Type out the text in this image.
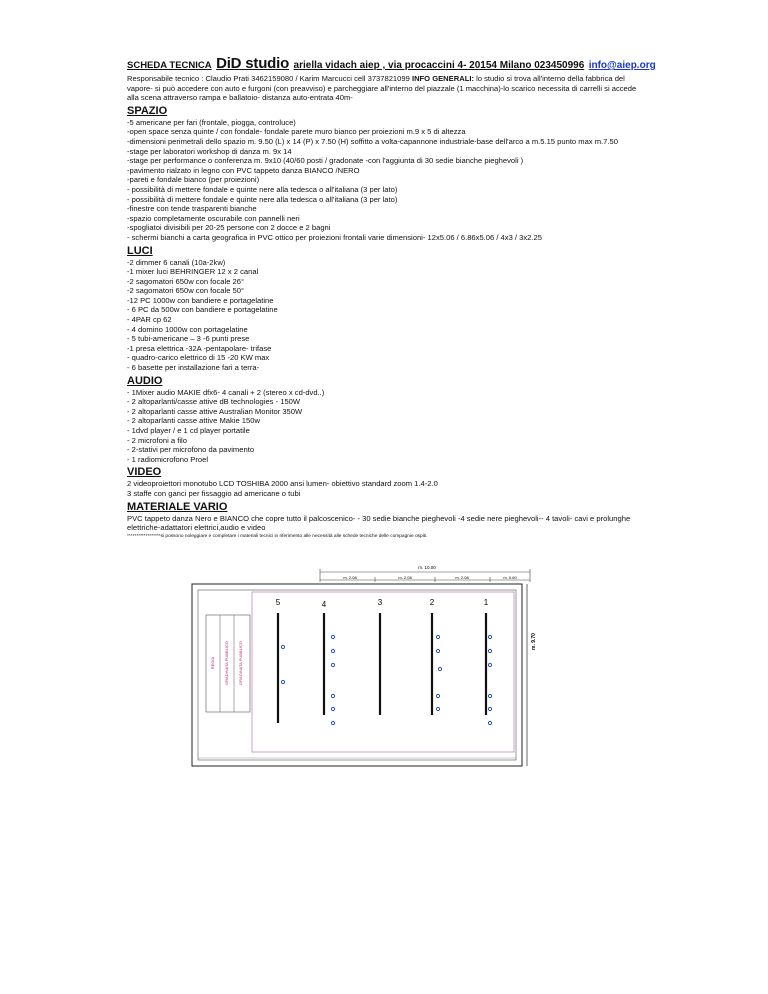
SCHEDA TECNICA DiD studio ariella vidach aiep , via procaccini 4- 20154 Milano 023450996 info@aiep.org

Responsabile tecnico : Claudio Prati 3462159080 / Karim Marcucci cell 3737821099 INFO GENERALI: lo studio si trova all'interno della fabbrica del vapore- si può accedere con auto e furgoni (con preavviso) e parcheggiare all'interno del piazzale (1 macchina)-lo scarico necessita di carrelli si accede alla scena attraverso rampa e ballatoio- distanza auto-entrata 40m-

SPAZIO
-5 americane per fari (frontale, piogga, controluce)
-open space senza quinte / con fondale- fondale parete muro bianco per proiezioni m.9 x 5 di altezza
-dimensioni perimetrali dello spazio m. 9.50 (L) x 14 (P) x 7.50 (H) soffitto a volta-capannone industriale-base dell'arco a m.5.15 punto max m.7.50
-stage per laboratori workshop di danza m. 9x 14
-stage per performance o conferenza m. 9x10 (40/60 posti / gradonate -con l'aggiunta di 30 sedie bianche pieghevoli )
-pavimento rialzato in legno con PVC tappeto danza BIANCO /NERO
-pareti e fondale bianco (per proiezioni)
- possibilità di mettere fondale e quinte nere alla tedesca o all'italiana (3 per lato)
- possibilità di mettere fondale e quinte nere alla tedesca o all'italiana (3 per lato)
-finestre con tende trasparenti bianche
-spazio completamente oscurabile con pannelli neri
-spogliatoi divisibili per 20-25 persone con 2 docce e 2 bagni
- schermi bianchi a carta geografica in PVC ottico per proiezioni frontali varie dimensioni- 12x5.06 / 6.86x5.06 / 4x3 / 3x2.25
LUCI
-2 dimmer 6 canali (10a-2kw)
-1 mixer luci BEHRINGER 12 x 2 canal
-2 sagomatori 650w con focale 26°
-2 sagomatori 650w con focale 50°
-12 PC 1000w con bandiere e portagelatine
- 6 PC da 500w con bandiere e portagelatine
- 4PAR cp 62
- 4 domino 1000w con portagelatine
- 5 tubi-americane – 3 -6 punti prese
-1 presa elettrica -32A -pentapolare- trifase
- quadro-carico elettrico di 15 -20 KW max
- 6 basette per installazione fari a terra-
AUDIO
- 1Mixer audio MAKIE dfx6- 4 canali + 2 (stereo x cd-dvd..)
- 2 altoparlanti/casse attive dB technologies - 150W
- 2 altoparlanti casse attive Australian Monitor 350W
- 2 altoparlanti casse attive Makie 150w
- 1dvd player / e 1 cd player portatile
- 2 microfoni a filo
- 2-stativi per microfono da pavimento
- 1 radiomicrofono Proel
VIDEO
2 videoproiettori monotubo LCD TOSHIBA 2000 ansi lumen- obiettivo standard zoom 1.4-2.0
3 staffe con ganci per fissaggio ad americane o tubi
MATERIALE VARIO

PVC tappeto danza Nero e BIANCO che copre tutto il palcoscenico- - 30 sedie bianche pieghevoli -4 sedie nere pieghevoli-- 4 tavoli- cavi e prolunghe elettriche-adattatori elettrici,audio e video

******************si possono noleggiare e completare i materiali tecnici in riferimento alle necessità alle schede tecniche delle compagnie ospiti.
m. 10.00
m. 2.08	m. 2.08	m. 2.08	m. 0.60
m. 9.70
REGIA GRADINATA PUBBLICO GRADINATA PUBBLICO
5	4	3	2	1
